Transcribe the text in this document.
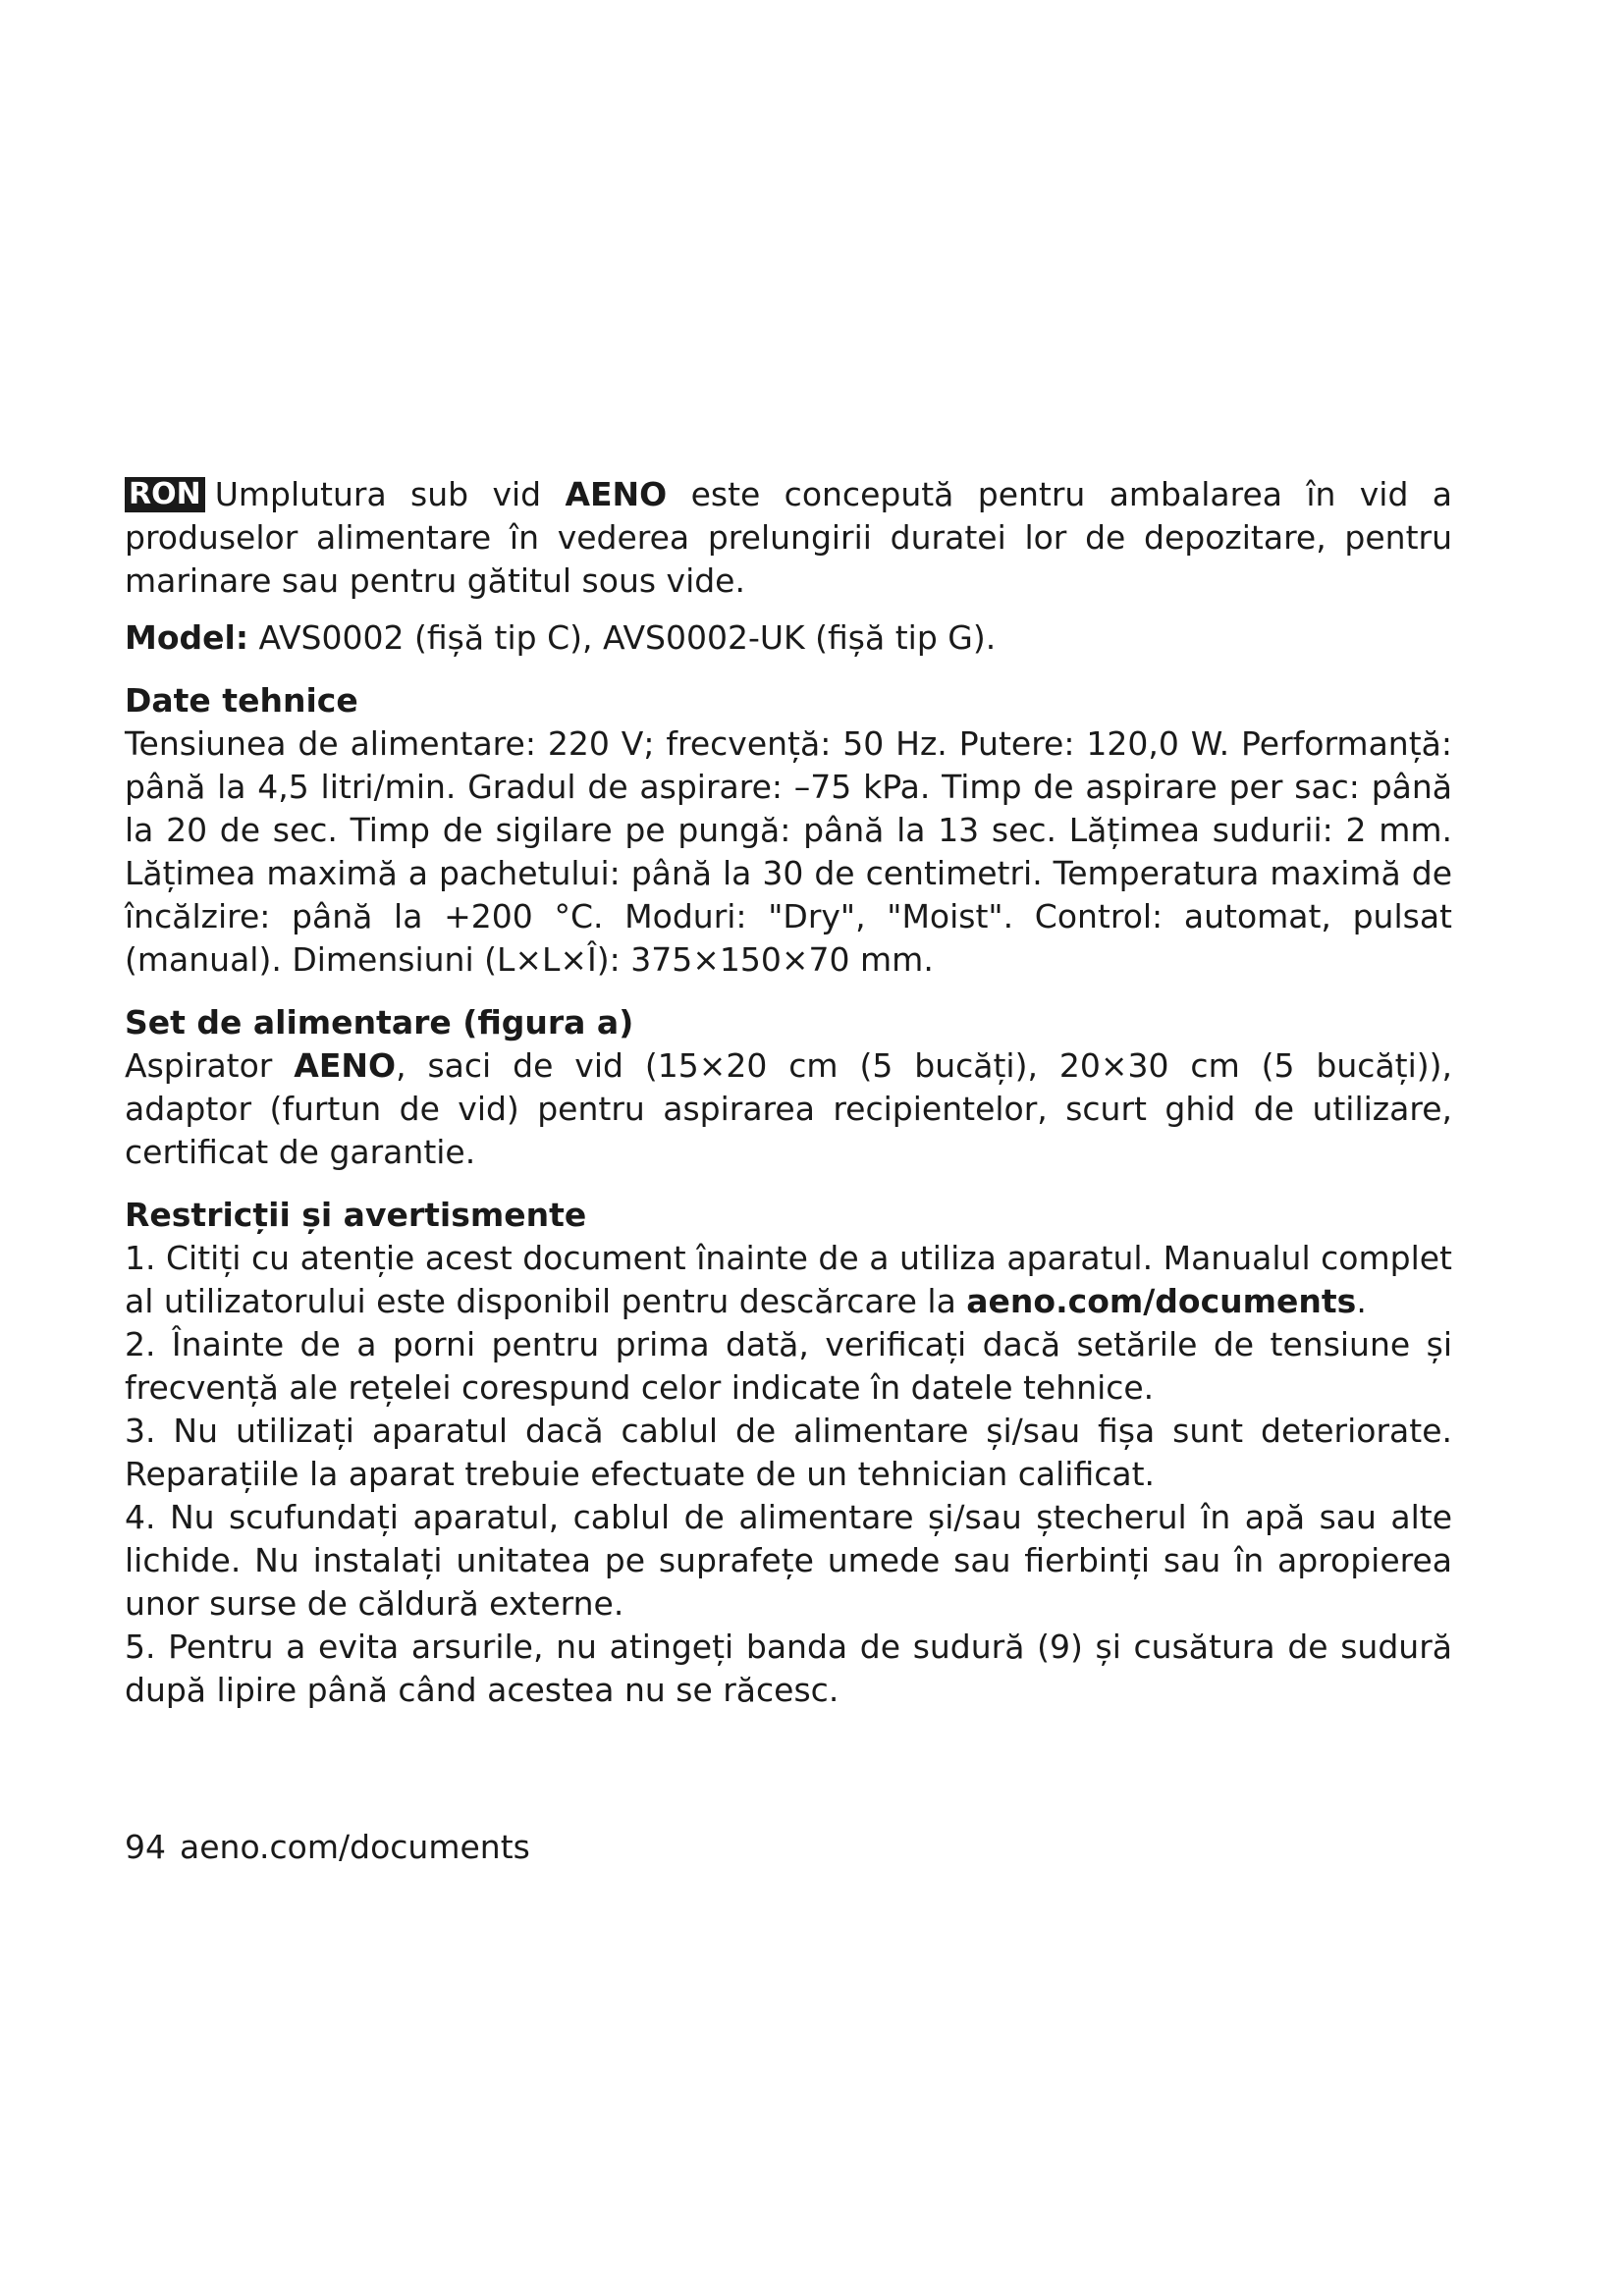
RON Umplutura sub vid AENO este concepută pentru ambalarea în vid a produselor alimentare în vederea prelungirii duratei lor de depozitare, pentru marinare sau pentru gătitul sous vide.

Model: AVS0002 (fișă tip C), AVS0002-UK (fișă tip G).

Date tehnice

Tensiunea de alimentare: 220 V; frecvență: 50 Hz. Putere: 120,0 W. Performanță: până la 4,5 litri/min. Gradul de aspirare: –75 kPa. Timp de aspirare per sac: până la 20 de sec. Timp de sigilare pe pungă: până la 13 sec. Lățimea sudurii: 2 mm. Lățimea maximă a pachetului: până la 30 de centimetri. Temperatura maximă de încălzire: până la +200 °C. Moduri: "Dry", "Moist". Control: automat, pulsat (manual). Dimensiuni (L×L×Î): 375×150×70 mm.

Set de alimentare (figura a)

Aspirator AENO, saci de vid (15×20 cm (5 bucăți), 20×30 cm (5 bucăți)), adaptor (furtun de vid) pentru aspirarea recipientelor, scurt ghid de utilizare, certificat de garantie.

Restricții și avertismente

1. Citiți cu atenție acest document înainte de a utiliza aparatul. Manualul complet al utilizatorului este disponibil pentru descărcare la aeno.com/documents.

2. Înainte de a porni pentru prima dată, verificați dacă setările de tensiune și frecvență ale rețelei corespund celor indicate în datele tehnice.

3. Nu utilizați aparatul dacă cablul de alimentare și/sau fișa sunt deteriorate. Reparațiile la aparat trebuie efectuate de un tehnician calificat.

4. Nu scufundați aparatul, cablul de alimentare și/sau ștecherul în apă sau alte lichide. Nu instalați unitatea pe suprafețe umede sau fierbinți sau în apropierea unor surse de căldură externe.

5. Pentru a evita arsurile, nu atingeți banda de sudură (9) și cusătura de sudură după lipire până când acestea nu se răcesc.

94 aeno.com/documents
